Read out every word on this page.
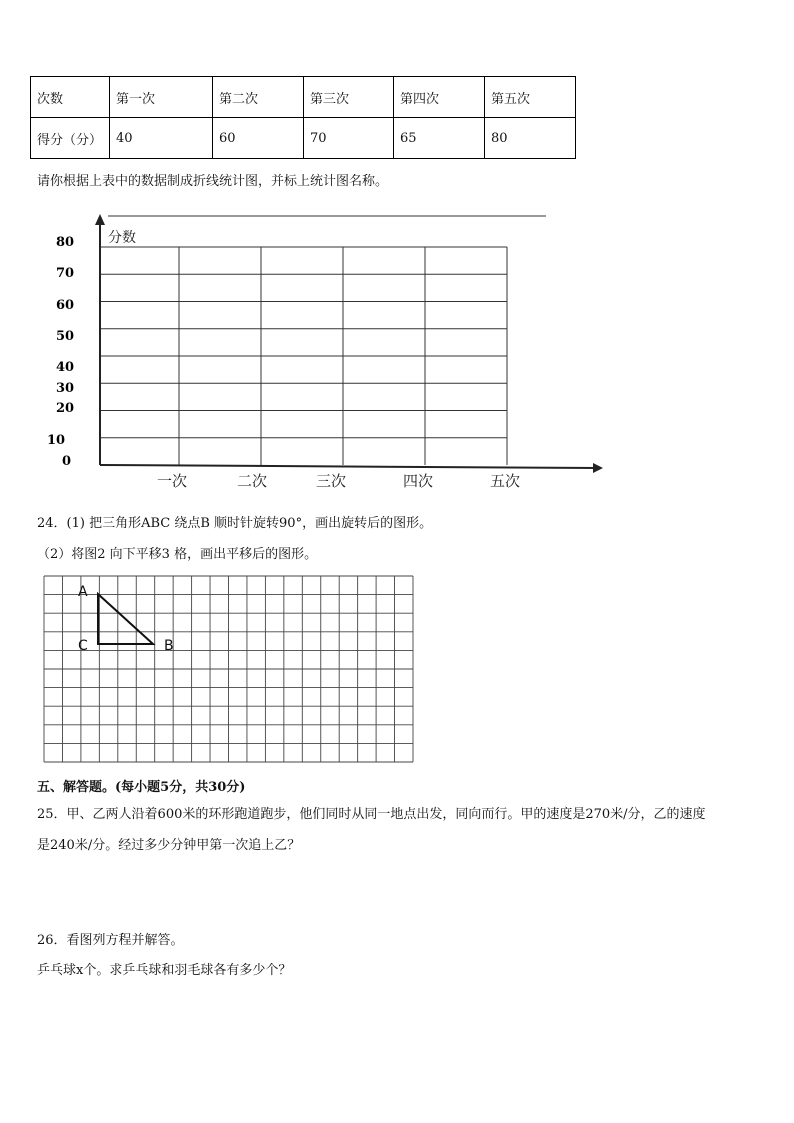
次数	第一次	第二次	第三次	第四次	第五次
得分（分）	40	60	70	65	80
请你根据上表中的数据制成折线统计图，并标上统计图名称。
分数
80
70
60
50
40
30
20
10
0
一次	二次	三次	四次	五次
24．(1) 把三角形ABC 绕点B 顺时针旋转90°，画出旋转后的图形。
（2）将图2 向下平移3 格，画出平移后的图形。
A
C	B
五、解答题。(每小题5分，共30分)
25．甲、乙两人沿着600米的环形跑道跑步，他们同时从同一地点出发，同向而行。甲的速度是270米/分，乙的速度
是240米/分。经过多少分钟甲第一次追上乙？
26．看图列方程并解答。
乒乓球x个。求乒乓球和羽毛球各有多少个？
